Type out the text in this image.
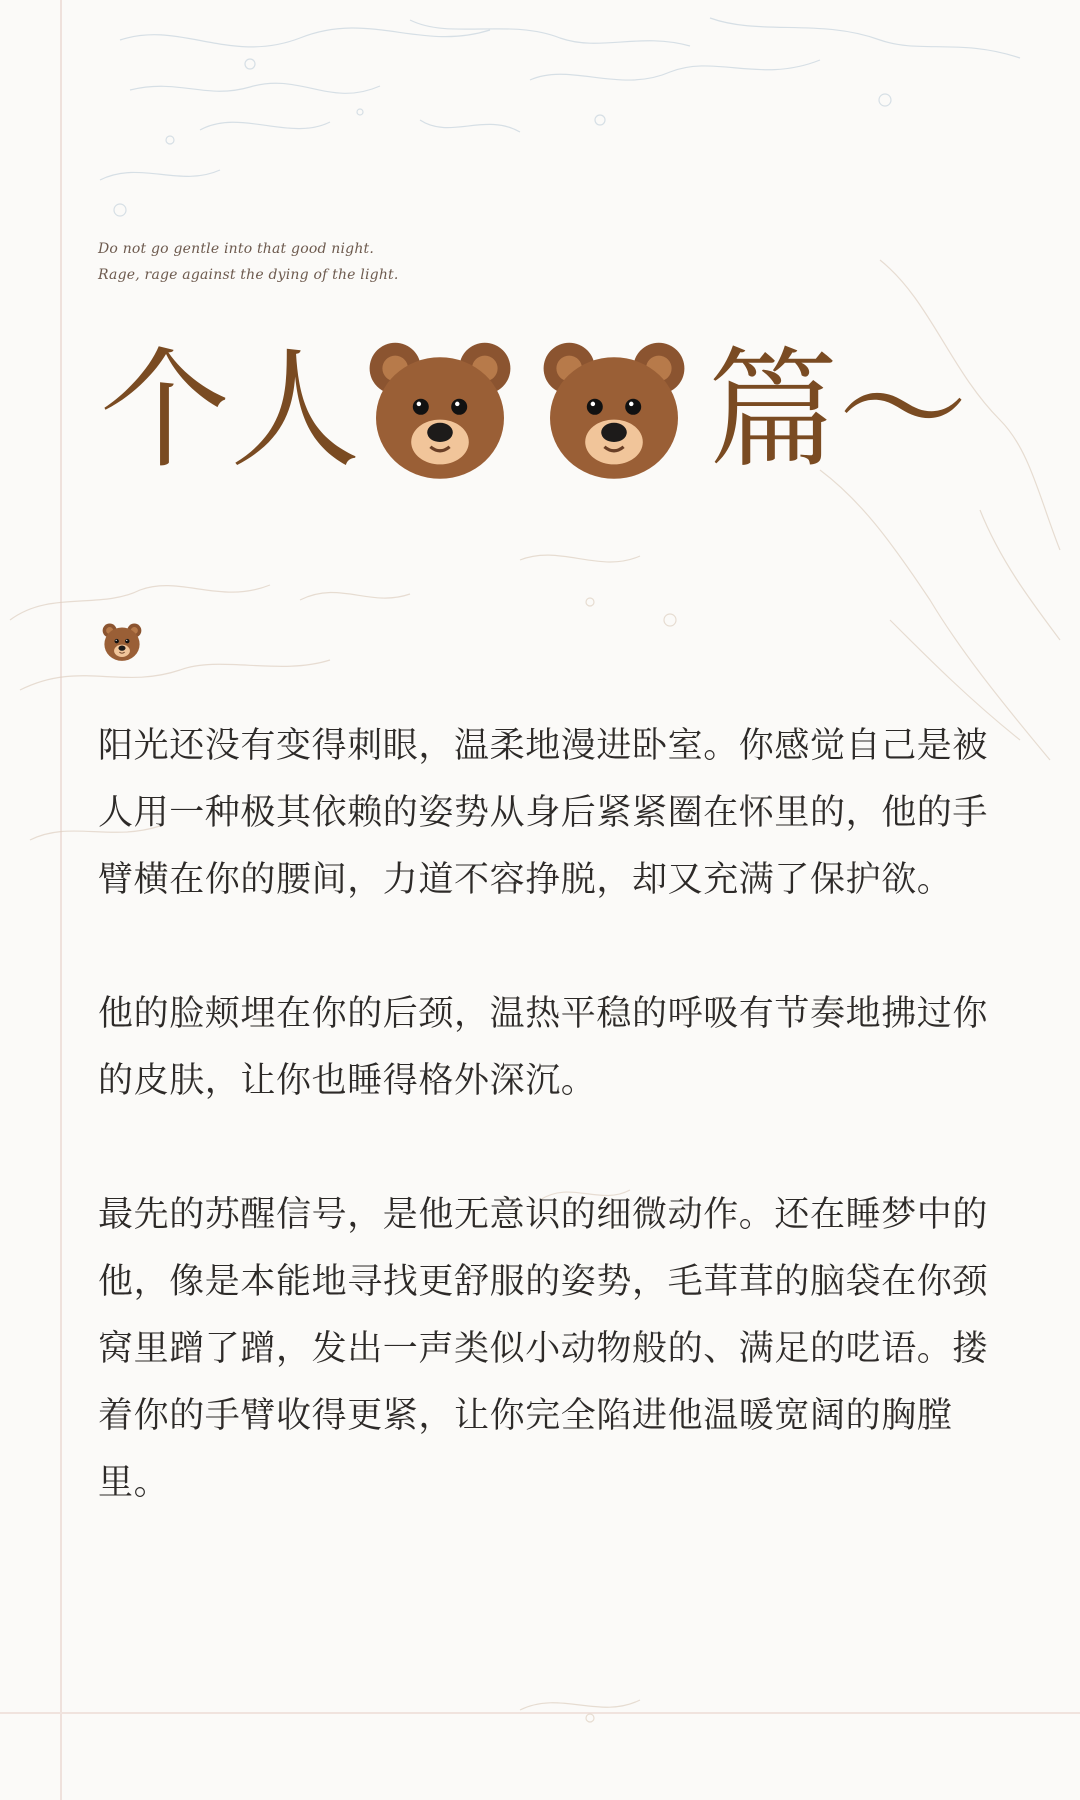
Do not go gentle into that good night.
Rage, rage against the dying of the light.
个人	篇～

阳光还没有变得刺眼，温柔地漫进卧室。你感觉自己是被人用一种极其依赖的姿势从身后紧紧圈在怀里的，他的手臂横在你的腰间，力道不容挣脱，却又充满了保护欲。

他的脸颊埋在你的后颈，温热平稳的呼吸有节奏地拂过你的皮肤，让你也睡得格外深沉。

最先的苏醒信号，是他无意识的细微动作。还在睡梦中的他，像是本能地寻找更舒服的姿势，毛茸茸的脑袋在你颈窝里蹭了蹭，发出一声类似小动物般的、满足的呓语。搂着你的手臂收得更紧，让你完全陷进他温暖宽阔的胸膛里。
